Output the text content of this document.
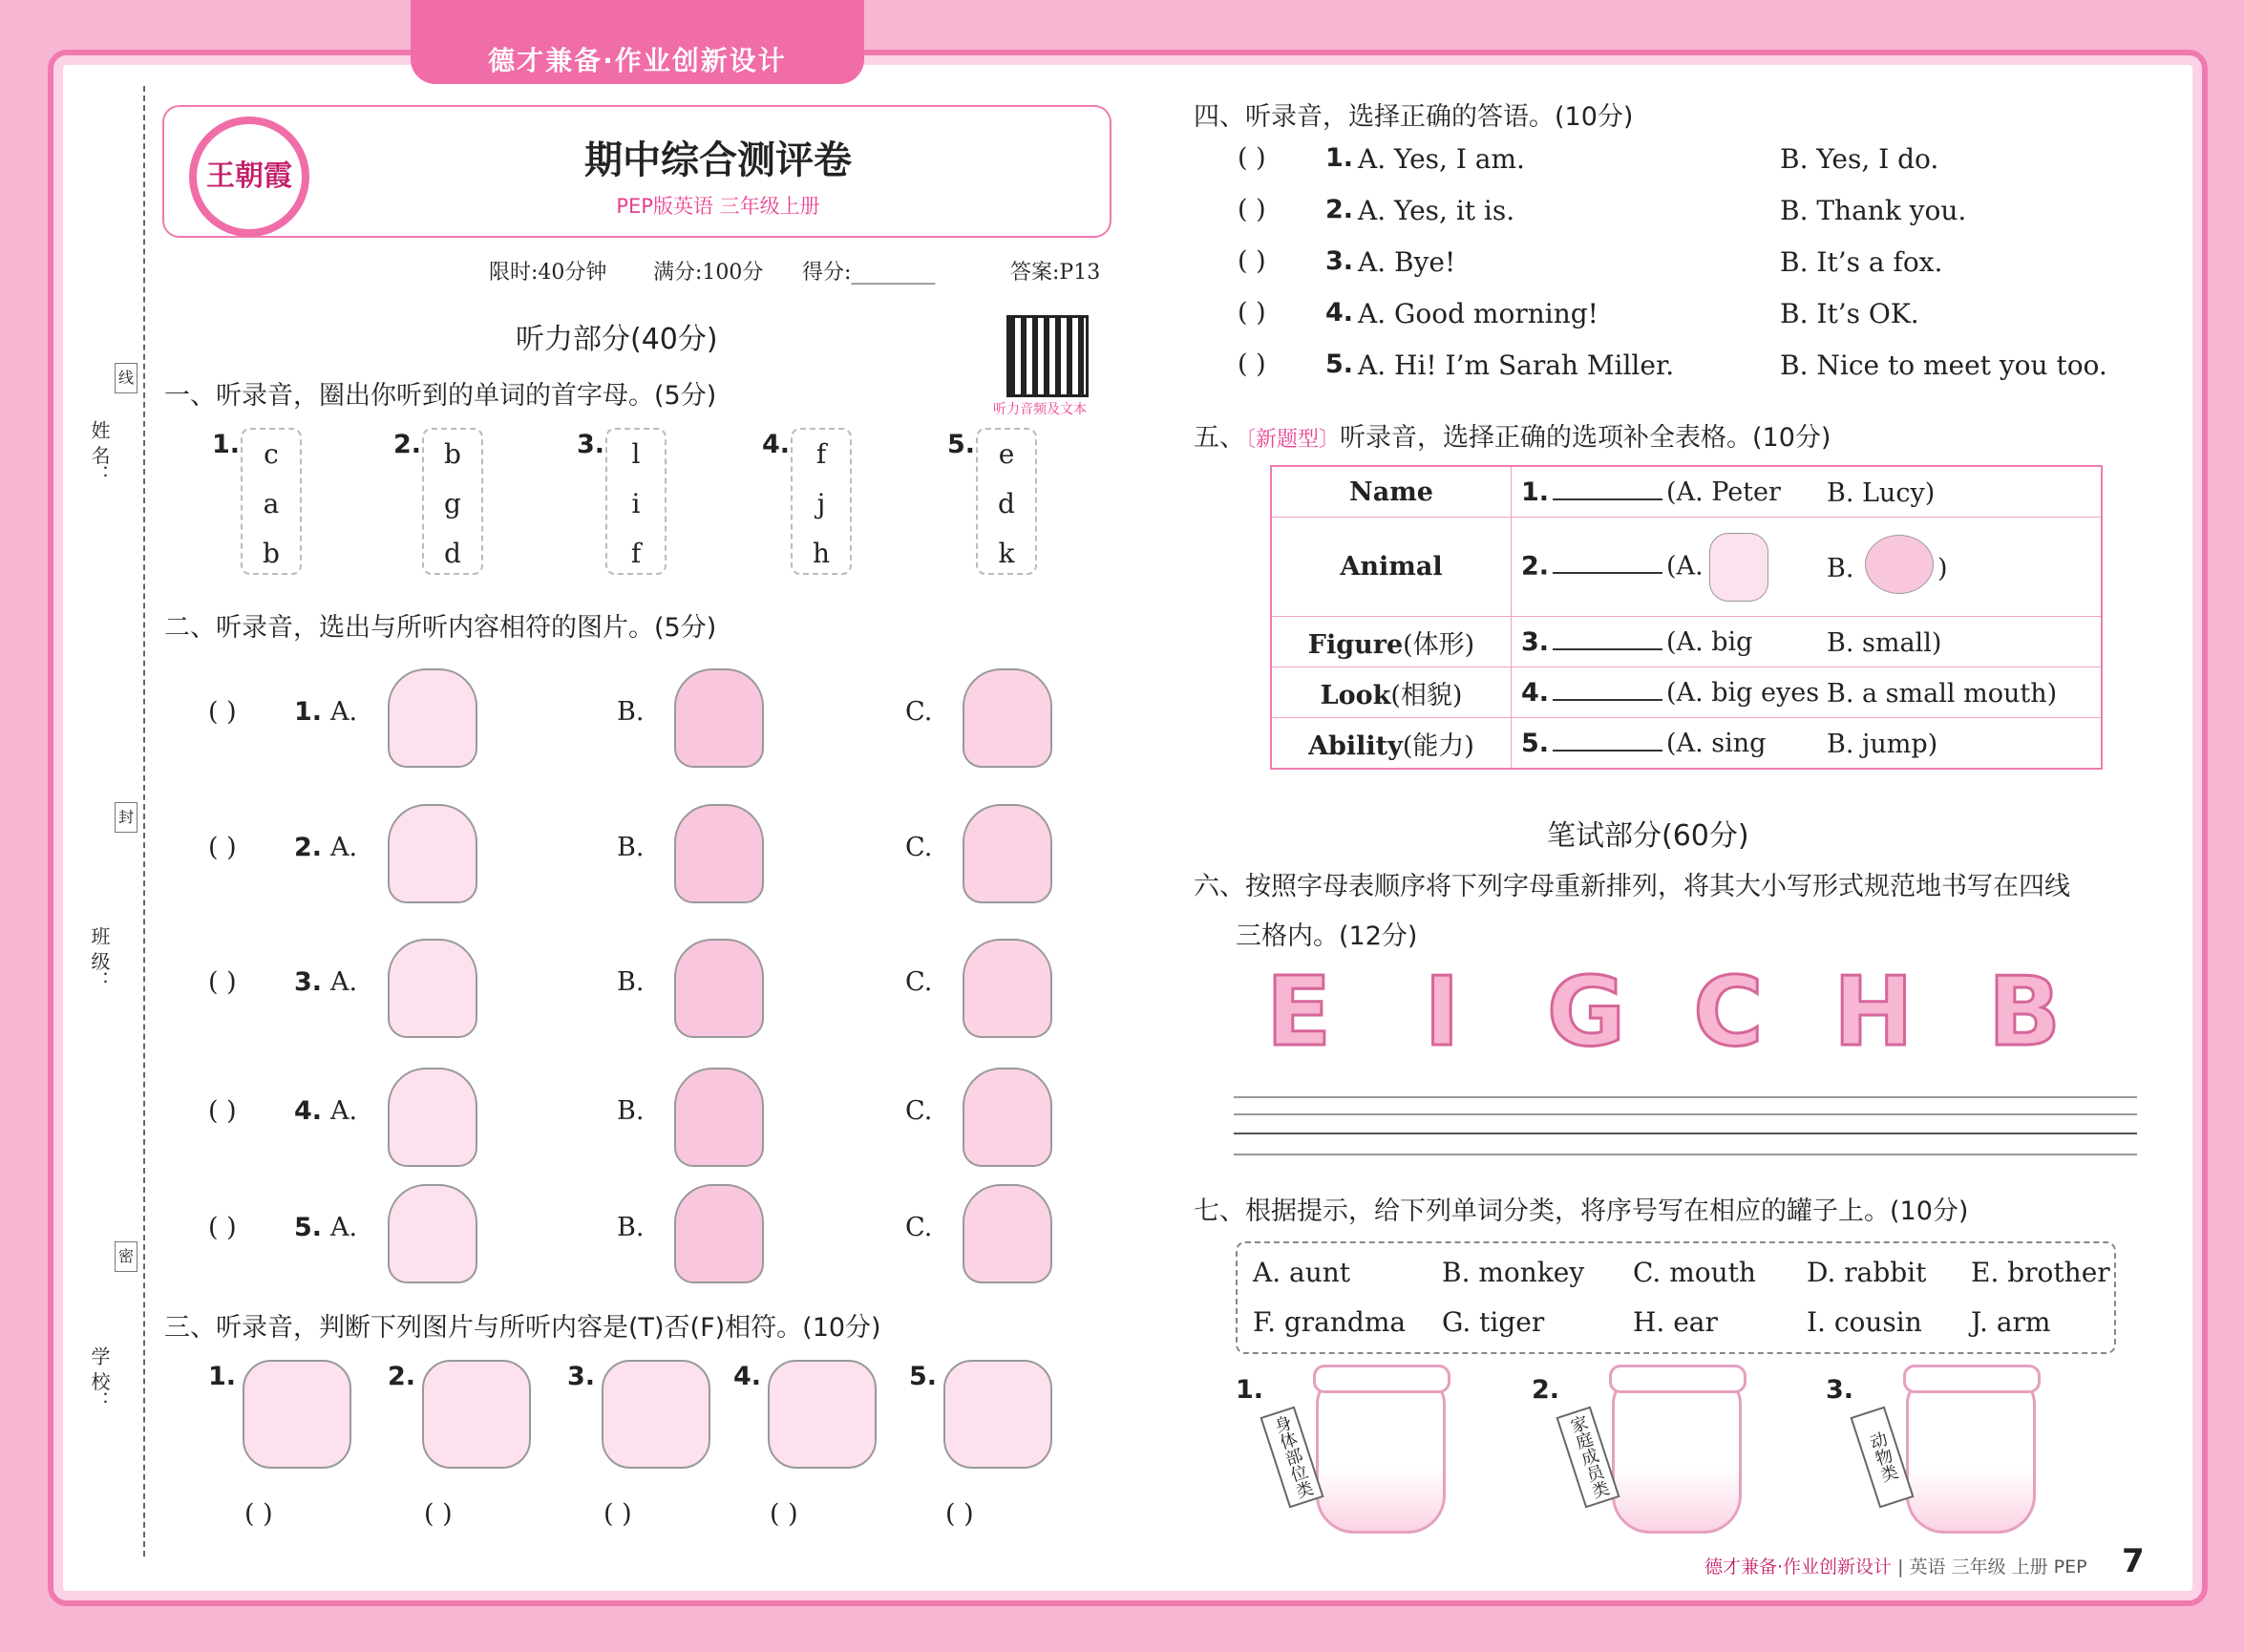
德才兼备·作业创新设计
姓 名：
线
班 级：
封
学 校：
密
王朝霞	期中综合测评卷
PEP版英语 三年级上册
限时:40分钟 满分:100分 得分:________	答案:P13
听力部分(40分)
听力音频及文本
一、听录音，圈出你听到的单词的首字母。(5分)
1. c
a
b
2. b
g
d
3.	l
i
f
4. f
j
h
5. e
d
k
二、听录音，选出与所听内容相符的图片。(5分)
( ) 1. A.	B.	C.
( ) 2. A.	B.	C.
( ) 3. A.	B.	C.
( ) 4. A.	B.	C.
( ) 5. A.	B.	C.
三、听录音，判断下列图片与所听内容是(T)否(F)相符。(10分)
1.
( )
2.
( )
3.
( )
4.
( )
5.
( )
四、听录音，选择正确的答语。(10分)
( ) 1. A. Yes, I am.	B. Yes, I do.
( ) 2. A. Yes, it is.	B. Thank you.
( ) 3. A. Bye!	B. It’s a fox.
( ) 4. A. Good morning!	B. It’s OK.
( ) 5. A. Hi! I’m Sarah Miller.	B. Nice to meet you too.
五、〔新题型〕听录音，选择正确的选项补全表格。(10分)
Name	1. (A. Peter B. Lucy)

Animal	2. (A. B. )

Figure(体形)	3. (A. big B. small)

Look(相貌)	4. (A. big eyes B. a small mouth)

Ability(能力)	5. (A. sing B. jump)
笔试部分(60分)
六、按照字母表顺序将下列字母重新排列，将其大小写形式规范地书写在四线
三格内。(12分)
E I G C H B
七、根据提示，给下列单词分类，将序号写在相应的罐子上。(10分)
A. aunt	B. monkey C. mouth D. rabbit E. brother
F. grandma G. tiger	H. ear	I. cousin J. arm
1.
身体部位类
2.
家庭成员类
3.
动物类
德才兼备·作业创新设计 | 英语 三年级 上册 PEP 7
